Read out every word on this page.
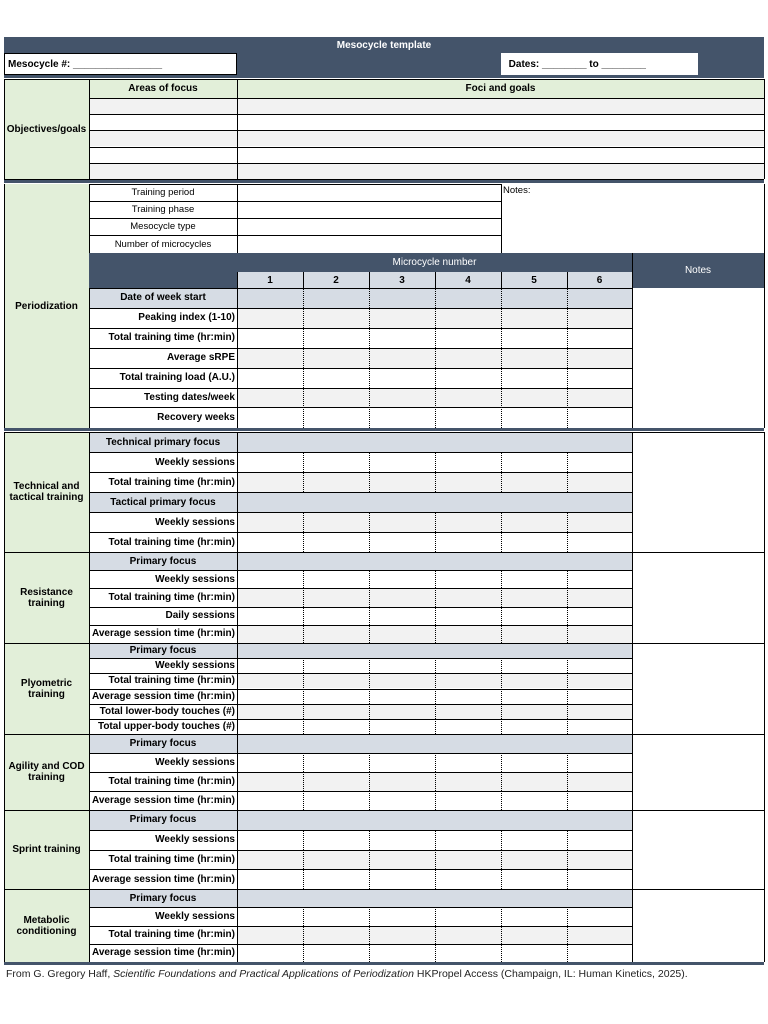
Mesocycle template
Mesocycle #: ________________	Dates: ________ to ________
Objectives/goals
Areas of focus	Foci and goals
Periodization
Training period
Training phase
Mesocycle type
Number of microcycles
Notes:
Microcycle number
Notes
1	2	3	4	5	6
Date of week start
Peaking index (1-10)
Total training time (hr:min)
Average sRPE
Total training load (A.U.)
Testing dates/week
Recovery weeks
Technical and tactical training
Technical primary focus
Weekly sessions
Total training time (hr:min)
Tactical primary focus
Weekly sessions
Total training time (hr:min)
Resistance training
Primary focus
Weekly sessions
Total training time (hr:min)
Daily sessions
Average session time (hr:min)
Plyometric training
Primary focus
Weekly sessions
Total training time (hr:min)
Average session time (hr:min)
Total lower-body touches (#)
Total upper-body touches (#)
Agility and COD training
Primary focus
Weekly sessions
Total training time (hr:min)
Average session time (hr:min)
Sprint training
Primary focus
Weekly sessions
Total training time (hr:min)
Average session time (hr:min)
Metabolic conditioning
Primary focus
Weekly sessions
Total training time (hr:min)
Average session time (hr:min)
From G. Gregory Haff, Scientific Foundations and Practical Applications of Periodization HKPropel Access (Champaign, IL: Human Kinetics, 2025).
